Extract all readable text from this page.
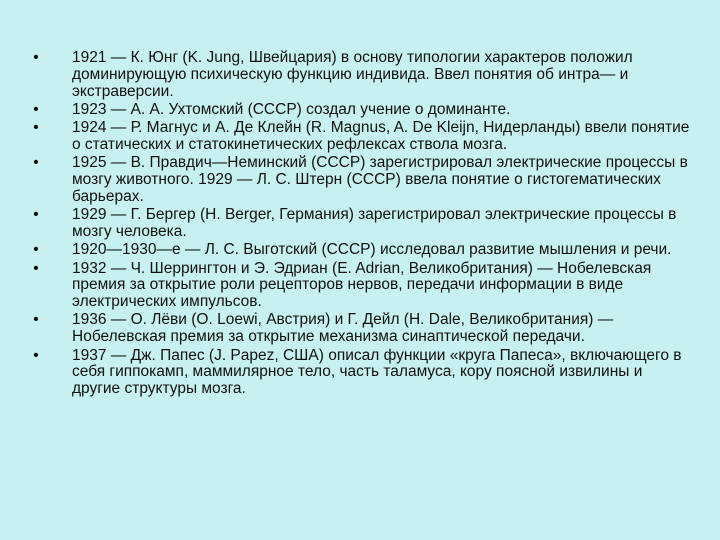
• 1921 — К. Юнг (K. Jung, Швейцария) в основу типологии характеров положил доминирующую психическую функцию индивида. Ввел понятия об интра— и экстраверсии.
• 1923 — А. А. Ухтомский (СССР) создал учение о доминанте.
• 1924 — Р. Магнус и А. Де Клейн (R. Magnus, A. De Kleijn, Нидерланды) ввели понятие о статических и статокинетических рефлексах ствола мозга.
• 1925 — В. Правдич—Неминский (СССР) зарегистрировал электрические процессы в мозгу животного. 1929 — Л. С. Штерн (СССР) ввела понятие о гистогематических барьерах.
• 1929 — Г. Бергер (H. Berger, Германия) зарегистрировал электрические процессы в мозгу человека.
• 1920—1930—е — Л. С. Выготский (СССР) исследовал развитие мышления и речи.
• 1932 — Ч. Шеррингтон и Э. Эдриан (E. Adrian, Великобритания) — Нобелевская премия за открытие роли рецепторов нервов, передачи информации в виде электрических импульсов.
• 1936 — О. Лёви (O. Loewi, Австрия) и Г. Дейл (H. Dale, Великобритания) — Нобелевская премия за открытие механизма синаптической передачи.
• 1937 — Дж. Папес (J. Papez, США) описал функции «круга Папеса», включающего в себя гиппокамп, маммилярное тело, часть таламуса, кору поясной извилины и другие структуры мозга.
